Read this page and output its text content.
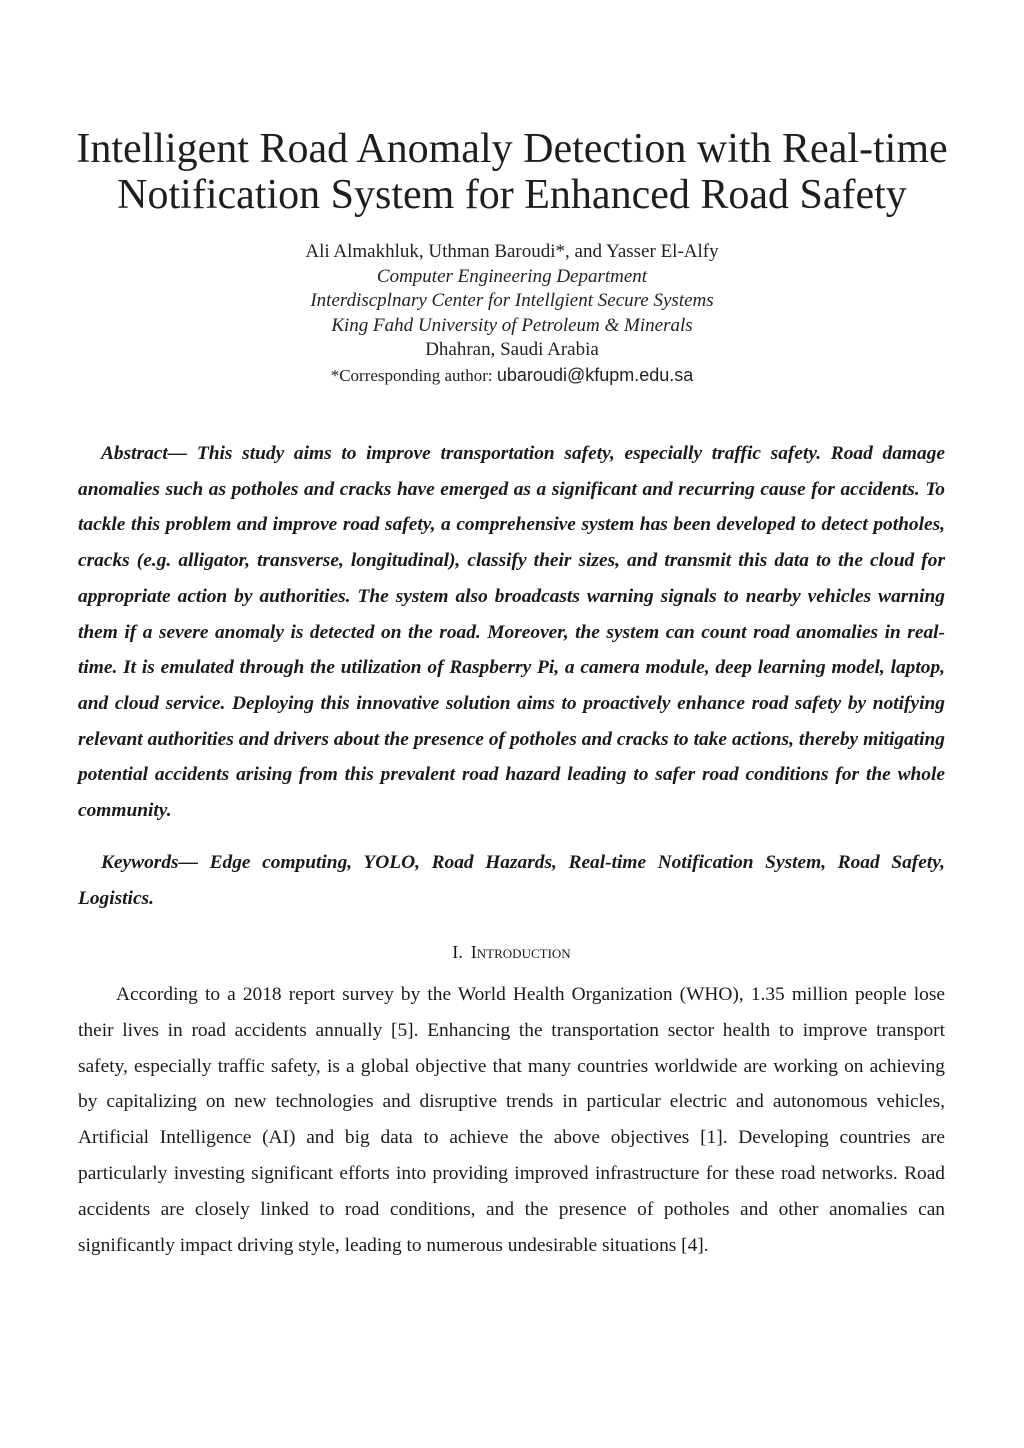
Intelligent Road Anomaly Detection with Real-time Notification System for Enhanced Road Safety
Ali Almakhluk, Uthman Baroudi*, and Yasser El-Alfy
Computer Engineering Department
Interdiscplnary Center for Intellgient Secure Systems
King Fahd University of Petroleum & Minerals
Dhahran, Saudi Arabia
*Corresponding author: ubaroudi@kfupm.edu.sa

Abstract— This study aims to improve transportation safety, especially traffic safety. Road damage anomalies such as potholes and cracks have emerged as a significant and recurring cause for accidents. To tackle this problem and improve road safety, a comprehensive system has been developed to detect potholes, cracks (e.g. alligator, transverse, longitudinal), classify their sizes, and transmit this data to the cloud for appropriate action by authorities. The system also broadcasts warning signals to nearby vehicles warning them if a severe anomaly is detected on the road. Moreover, the system can count road anomalies in real-time. It is emulated through the utilization of Raspberry Pi, a camera module, deep learning model, laptop, and cloud service. Deploying this innovative solution aims to proactively enhance road safety by notifying relevant authorities and drivers about the presence of potholes and cracks to take actions, thereby mitigating potential accidents arising from this prevalent road hazard leading to safer road conditions for the whole community.

Keywords— Edge computing, YOLO, Road Hazards, Real-time Notification System, Road Safety, Logistics.

I. Introduction

According to a 2018 report survey by the World Health Organization (WHO), 1.35 million people lose their lives in road accidents annually [5]. Enhancing the transportation sector health to improve transport safety, especially traffic safety, is a global objective that many countries worldwide are working on achieving by capitalizing on new technologies and disruptive trends in particular electric and autonomous vehicles, Artificial Intelligence (AI) and big data to achieve the above objectives [1]. Developing countries are particularly investing significant efforts into providing improved infrastructure for these road networks. Road accidents are closely linked to road conditions, and the presence of potholes and other anomalies can significantly impact driving style, leading to numerous undesirable situations [4].
